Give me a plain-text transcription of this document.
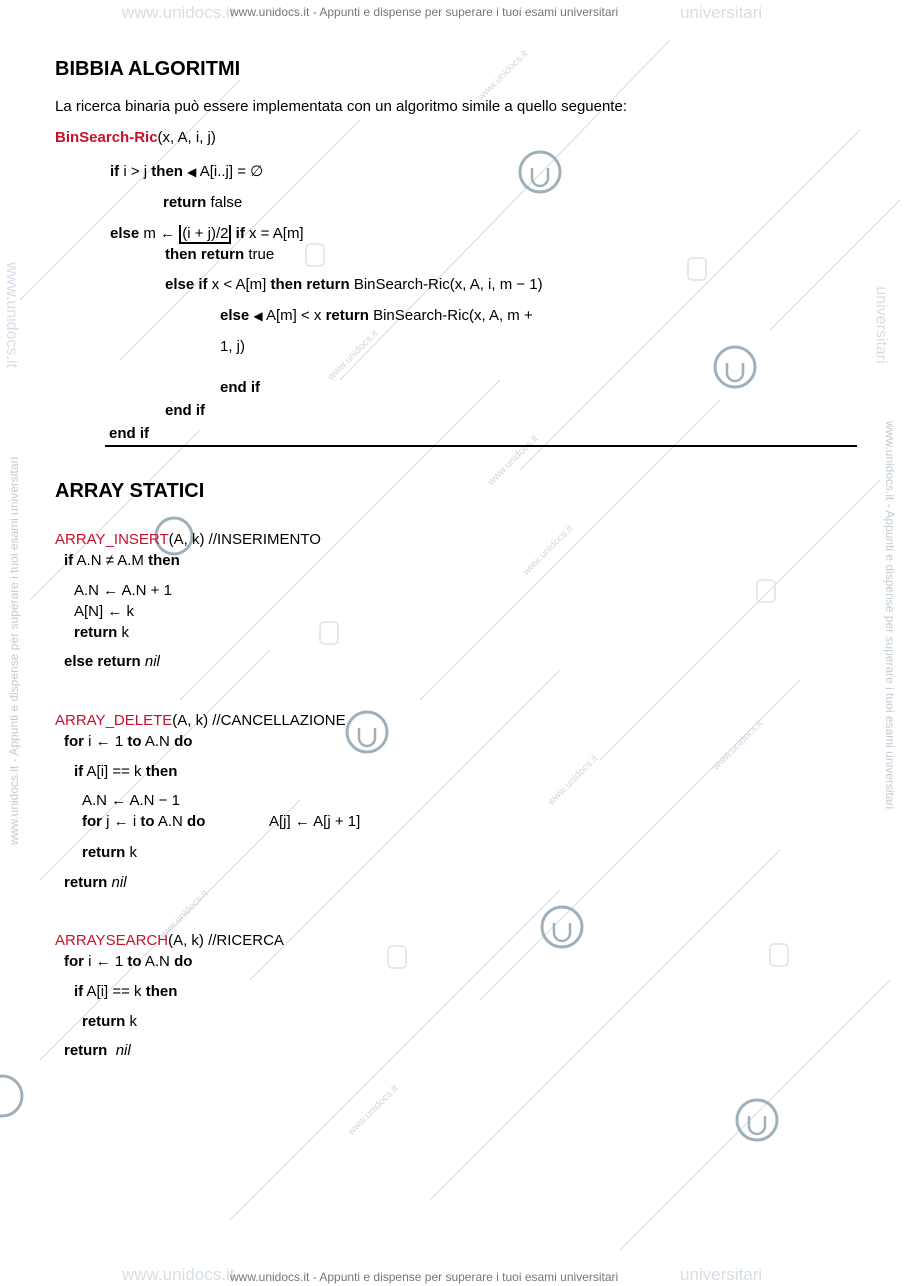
www.unidocs.it
www.unidocs.it - Appunti e dispense per superare i tuoi esami universitari	universitari
www.unidocs.it
www.unidocs.it - Appunti e dispense per superare i tuoi esami universitari	universitari
www.unidocs.it - Appunti e dispense per superare i tuoi esami universitari	www.unidocs.it - Appunti e dispense per superare i tuoi esami universitari
www.unidocs.it	universitari
www.unidocs.it
www.unidocs.it
www.unidocs.it
www.unidocs.it
www.unidocs.it
www.unidocs.it
www.unidocs.it
www.unidocs.it
BIBBIA ALGORITMI
La ricerca binaria può essere implementata con un algoritmo simile a quello seguente:
BinSearch-Ric(x, A, i, j)
if i > j then ◀ A[i..j] = ∅
return false
else m ← (i + j)/2 if x = A[m]
then return true
else if x < A[m] then return BinSearch-Ric(x, A, i, m − 1)
else ◀ A[m] < x return BinSearch-Ric(x, A, m +
1, j)
end if
end if
end if
ARRAY STATICI
ARRAY_INSERT(A, k) //INSERIMENTO
if A.N ≠ A.M then
A.N ← A.N + 1
A[N] ← k
return k
else return nil
ARRAY_DELETE(A, k) //CANCELLAZIONE
for i ← 1 to A.N do
if A[i] == k then
A.N ← A.N − 1
for j ← i to A.N do	A[j] ← A[j + 1]
return k
return nil
ARRAYSEARCH(A, k) //RICERCA
for i ← 1 to A.N do
if A[i] == k then
return k
return nil
